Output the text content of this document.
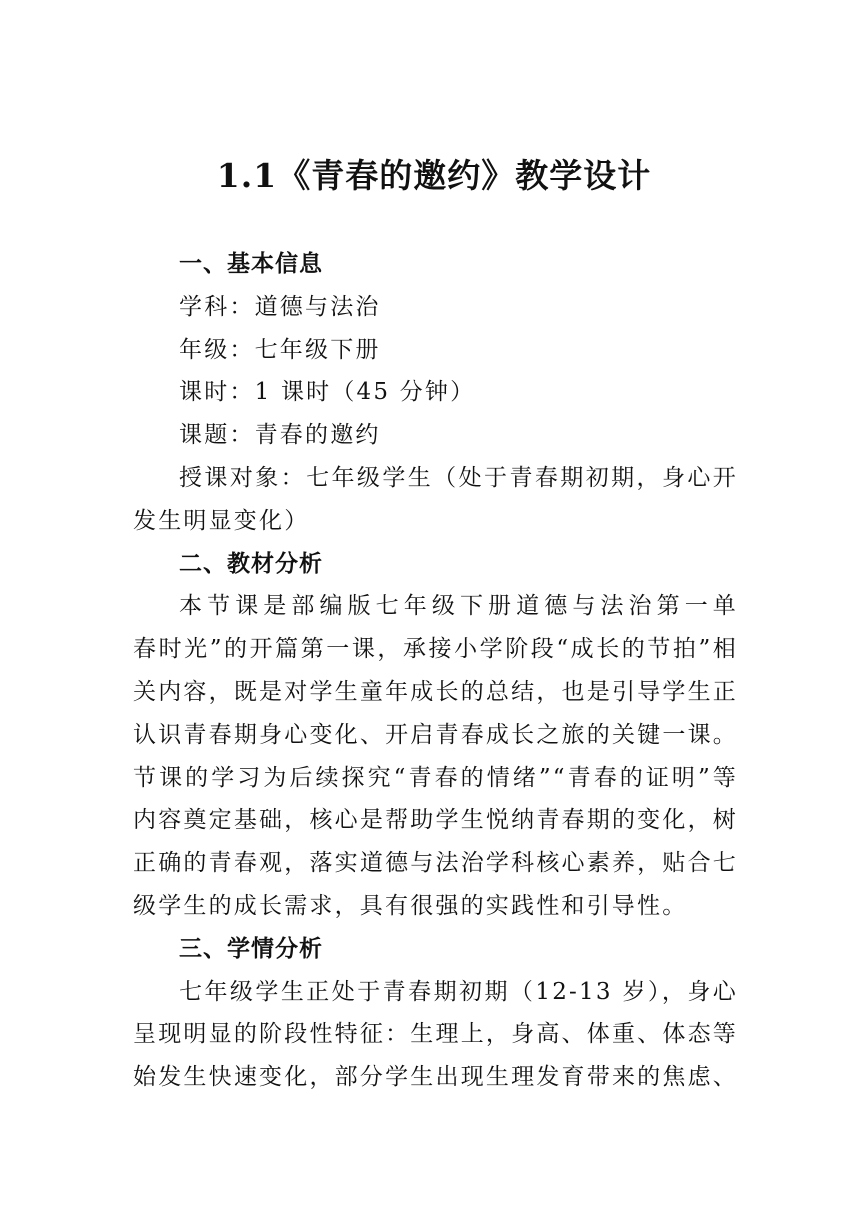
1.1《青春的邀约》教学设计
一、基本信息
学科：道德与法治
年级：七年级下册
课时：1 课时（45 分钟）
课题：青春的邀约
授课对象：七年级学生（处于青春期初期，身心开
发生明显变化）
二、教材分析
本节课是部编版七年级下册道德与法治第一单
春时光”的开篇第一课，承接小学阶段“成长的节拍”相
关内容，既是对学生童年成长的总结，也是引导学生正
认识青春期身心变化、开启青春成长之旅的关键一课。
节课的学习为后续探究“青春的情绪”“青春的证明”等
内容奠定基础，核心是帮助学生悦纳青春期的变化，树
正确的青春观，落实道德与法治学科核心素养，贴合七
级学生的成长需求，具有很强的实践性和引导性。
三、学情分析
七年级学生正处于青春期初期（12-13 岁），身心
呈现明显的阶段性特征：生理上，身高、体重、体态等
始发生快速变化，部分学生出现生理发育带来的焦虑、
